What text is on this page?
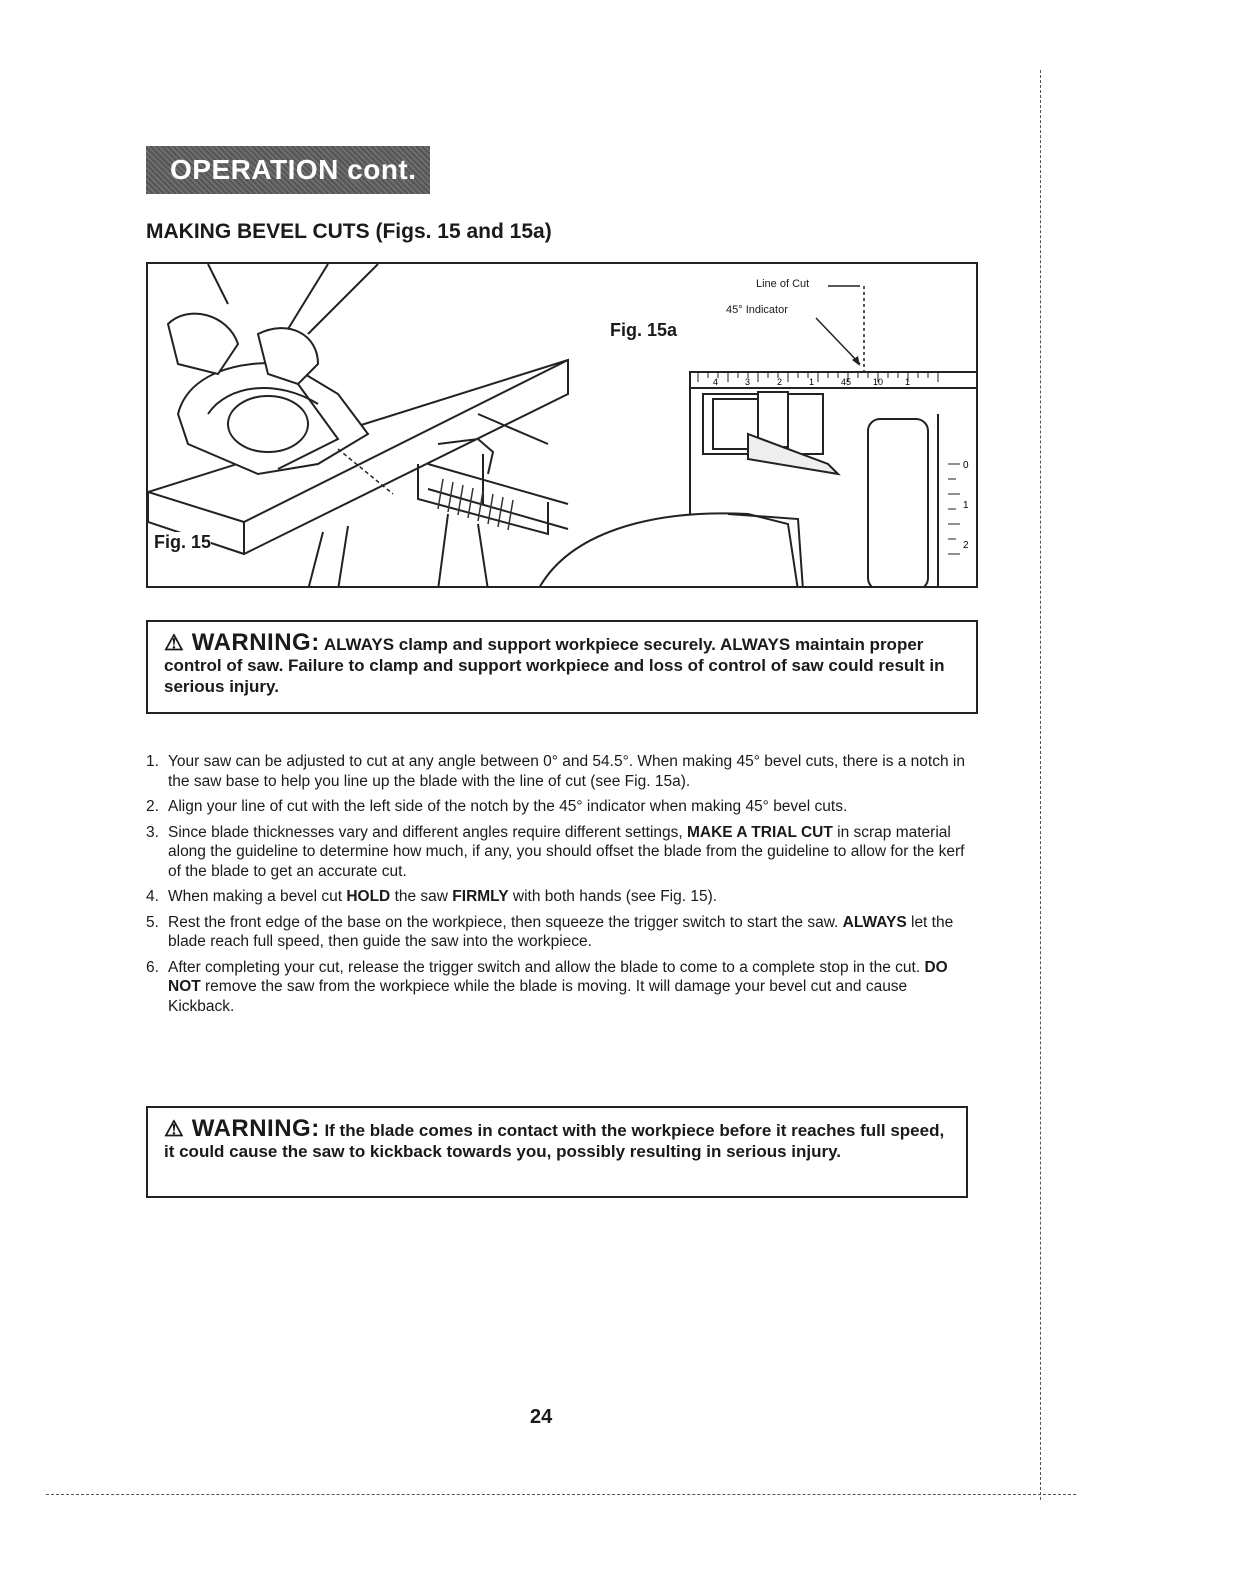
OPERATION cont.
MAKING BEVEL CUTS (Figs. 15 and 15a)
4	3	2	1	45 10 1
0
1
2
Fig. 15
Fig. 15a
Line of Cut
45° Indicator
⚠ WARNING: ALWAYS clamp and support workpiece securely. ALWAYS maintain proper control of saw. Failure to clamp and support workpiece and loss of control of saw could result in serious injury.
1. Your saw can be adjusted to cut at any angle between 0° and 54.5°. When making 45° bevel cuts, there is a notch in the saw base to help you line up the blade with the line of cut (see Fig. 15a).
2. Align your line of cut with the left side of the notch by the 45° indicator when making 45° bevel cuts.
3. Since blade thicknesses vary and different angles require different settings, MAKE A TRIAL CUT in scrap material along the guideline to determine how much, if any, you should offset the blade from the guideline to allow for the kerf of the blade to get an accurate cut.
4. When making a bevel cut HOLD the saw FIRMLY with both hands (see Fig. 15).
5. Rest the front edge of the base on the workpiece, then squeeze the trigger switch to start the saw. ALWAYS let the blade reach full speed, then guide the saw into the workpiece.
6. After completing your cut, release the trigger switch and allow the blade to come to a complete stop in the cut. DO NOT remove the saw from the workpiece while the blade is moving. It will damage your bevel cut and cause Kickback.
⚠ WARNING: If the blade comes in contact with the workpiece before it reaches full speed, it could cause the saw to kickback towards you, possibly resulting in serious injury.
24
